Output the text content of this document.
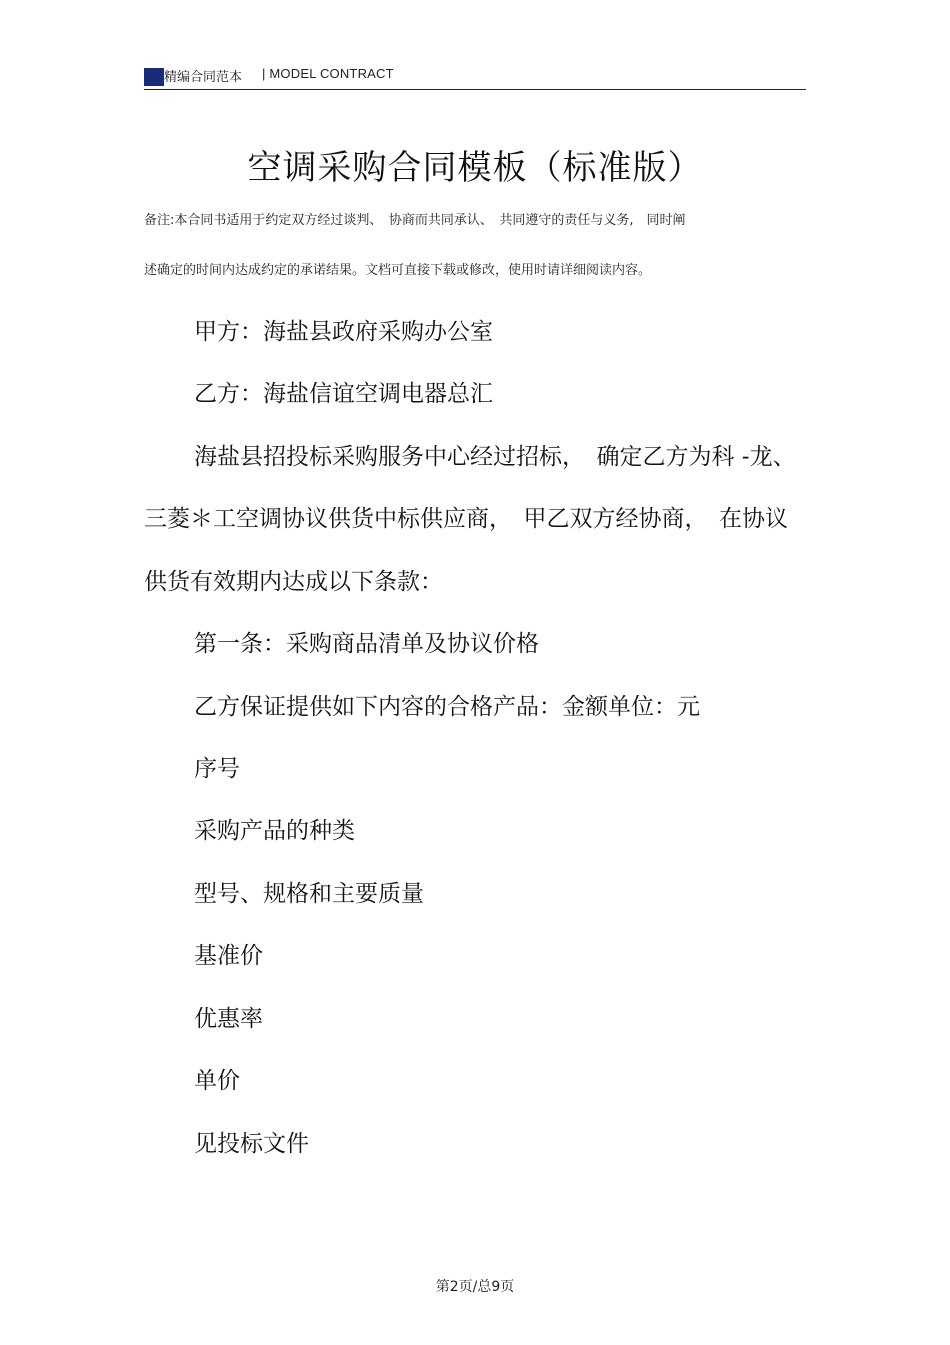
精编合同范本 | MODEL CONTRACT
空调采购合同模板（标准版）
备注:本合同书适用于约定双方经过谈判、　协商而共同承认、　共同遵守的责任与义务,　同时阐
述确定的时间内达成约定的承诺结果。文档可直接下载或修改，使用时请详细阅读内容。
甲方：海盐县政府采购办公室
乙方：海盐信谊空调电器总汇
海盐县招投标采购服务中心经过招标，　确定乙方为科 -龙、
三菱＊工空调协议供货中标供应商，　甲乙双方经协商，　在协议
供货有效期内达成以下条款：
第一条：采购商品清单及协议价格
乙方保证提供如下内容的合格产品：金额单位：元
序号
采购产品的种类
型号、规格和主要质量
基准价
优惠率
单价
见投标文件
第2页/总9页
